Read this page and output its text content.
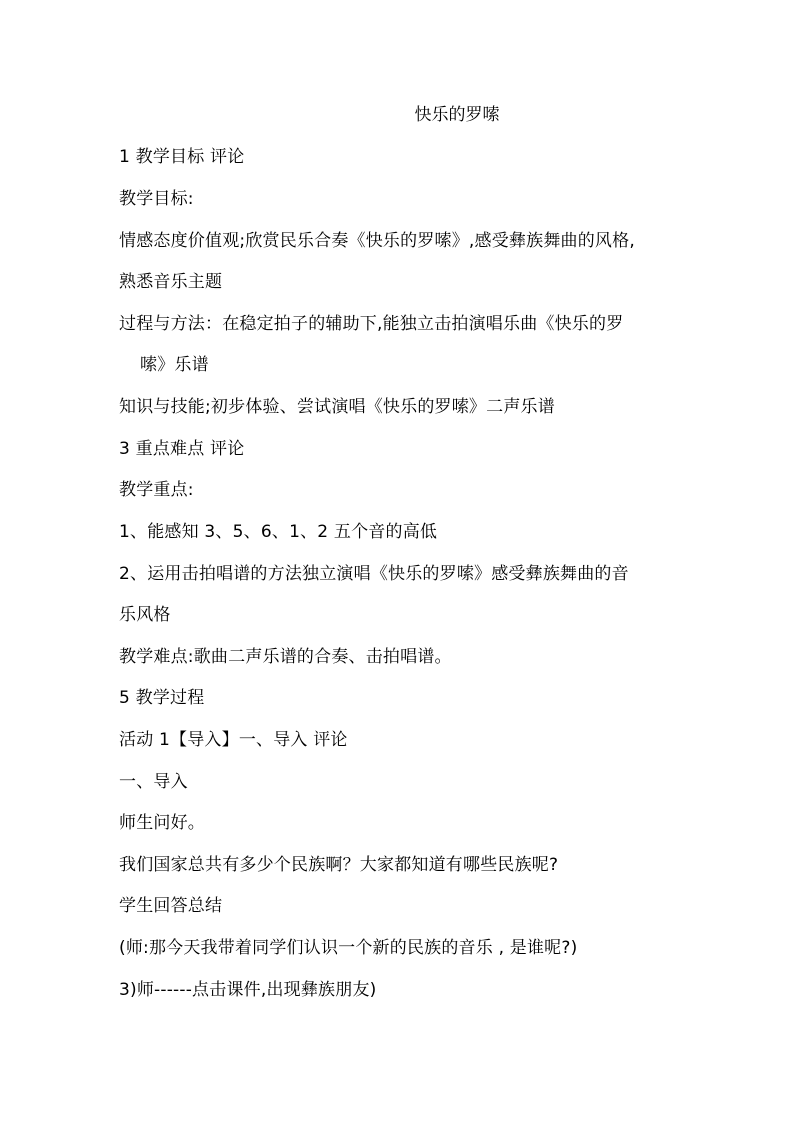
快乐的罗嗦
1 教学目标 评论
教学目标:
情感态度价值观;欣赏民乐合奏《快乐的罗嗦》,感受彝族舞曲的风格,
熟悉音乐主题
过程与方法：在稳定拍子的辅助下,能独立击拍演唱乐曲《快乐的罗
嗦》乐谱
知识与技能;初步体验、尝试演唱《快乐的罗嗦》二声乐谱
3 重点难点 评论
教学重点:
1、能感知 3、5、6、1、2 五个音的高低
2、运用击拍唱谱的方法独立演唱《快乐的罗嗦》感受彝族舞曲的音
乐风格
教学难点:歌曲二声乐谱的合奏、击拍唱谱。
5 教学过程
活动 1【导入】一、导入 评论
一、导入
师生问好。
我们国家总共有多少个民族啊？大家都知道有哪些民族呢?
学生回答总结
(师:那今天我带着同学们认识一个新的民族的音乐 , 是谁呢?)
3)师------点击课件,出现彝族朋友)
